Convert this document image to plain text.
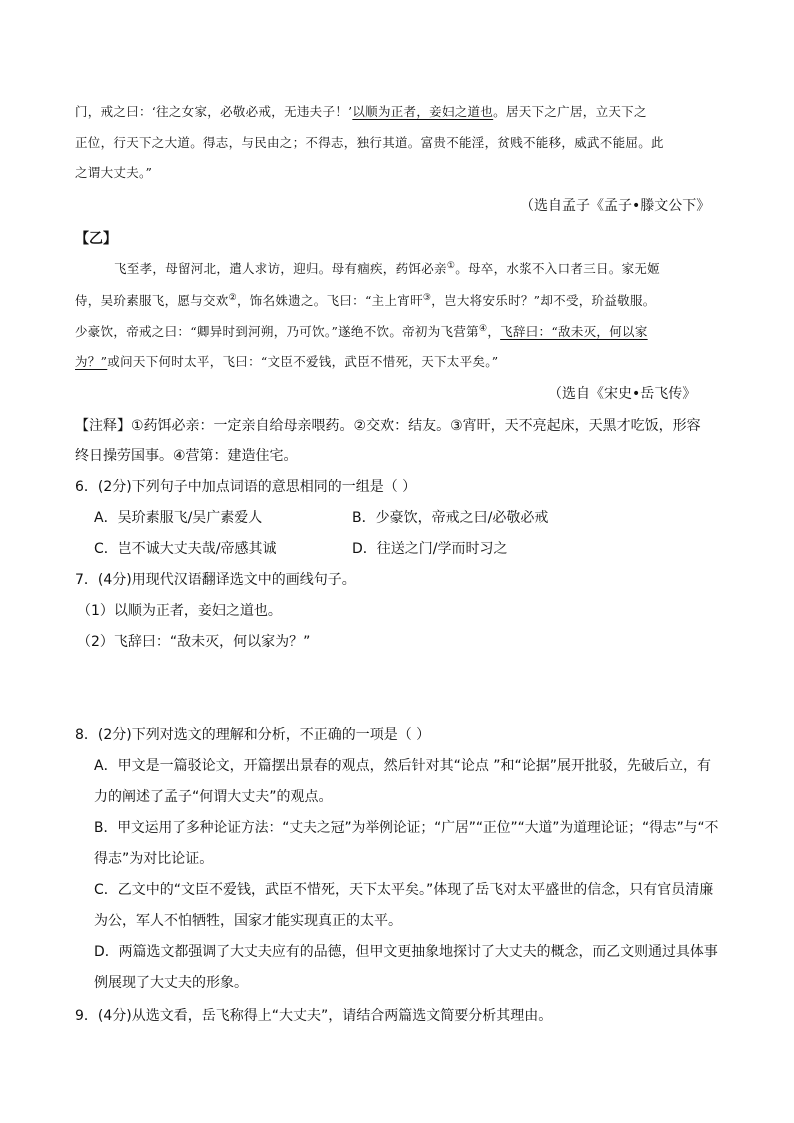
门，戒之曰：‘往之女家，必敬必戒，无违夫子！’以顺为正者，妾妇之道也。居天下之广居，立天下之
正位，行天下之大道。得志，与民由之；不得志，独行其道。富贵不能淫，贫贱不能移，威武不能屈。此
之谓大丈夫。”
（选自孟子《孟子•滕文公下》
【乙】
飞至孝，母留河北，遣人求访，迎归。母有痼疾，药饵必亲①。母卒，水浆不入口者三日。家无姬
侍，吴玠素服飞，愿与交欢②，饰名姝遗之。飞曰：“主上宵旰③，岂大将安乐时？”却不受，玠益敬服。
少豪饮，帝戒之曰：“卿异时到河朔，乃可饮。”遂绝不饮。帝初为飞营第④，飞辞曰：“敌未灭，何以家
为？”或问天下何时太平，飞曰：“文臣不爱钱，武臣不惜死，天下太平矣。”
（选自《宋史•岳飞传》
【注释】①药饵必亲：一定亲自给母亲喂药。②交欢：结友。③宵旰，天不亮起床，天黑才吃饭，形容
终日操劳国事。④营第：建造住宅。
6．(2分)下列句子中加点词语的意思相同的一组是（ ）
A．吴玠素服飞/吴广素爱人	B．少豪饮，帝戒之曰/必敬必戒
C．岂不诚大丈夫哉/帝感其诚	D．往送之门/学而时习之
7．(4分)用现代汉语翻译选文中的画线句子。
（1）以顺为正者，妾妇之道也。
（2）飞辞曰：“敌未灭，何以家为？”
8．(2分)下列对选文的理解和分析，不正确的一项是（ ）
A．甲文是一篇驳论文，开篇摆出景春的观点，然后针对其“论点 ”和“论据”展开批驳，先破后立，有
力的阐述了孟子“何谓大丈夫”的观点。
B．甲文运用了多种论证方法：“丈夫之冠”为举例论证；“广居”“正位”“大道”为道理论证；“得志”与“不
得志”为对比论证。
C．乙文中的“文臣不爱钱，武臣不惜死，天下太平矣。”体现了岳飞对太平盛世的信念，只有官员清廉
为公，军人不怕牺牲，国家才能实现真正的太平。
D．两篇选文都强调了大丈夫应有的品德，但甲文更抽象地探讨了大丈夫的概念，而乙文则通过具体事
例展现了大丈夫的形象。
9．(4分)从选文看，岳飞称得上“大丈夫”，请结合两篇选文简要分析其理由。
